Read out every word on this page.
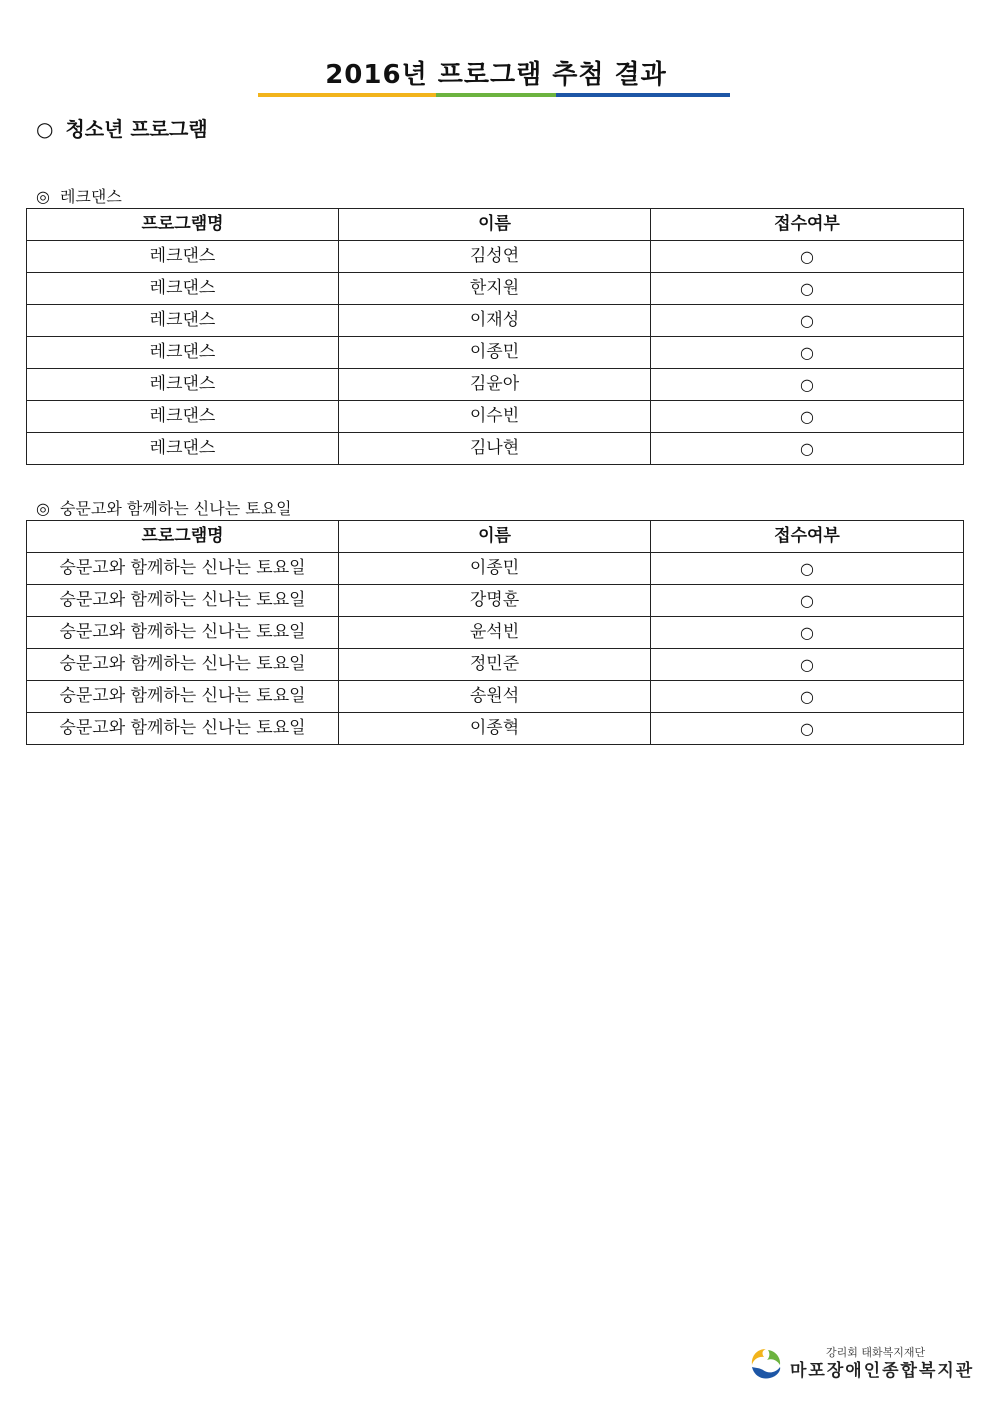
2016년 프로그램 추첨 결과
○ 청소년 프로그램
◎ 레크댄스
프로그램명	이름	접수여부
레크댄스	김성연	○
레크댄스	한지원	○
레크댄스	이재성	○
레크댄스	이종민	○
레크댄스	김윤아	○
레크댄스	이수빈	○
레크댄스	김나현	○
◎ 숭문고와 함께하는 신나는 토요일
프로그램명	이름	접수여부
숭문고와 함께하는 신나는 토요일	이종민	○
숭문고와 함께하는 신나는 토요일	강명훈	○
숭문고와 함께하는 신나는 토요일	윤석빈	○
숭문고와 함께하는 신나는 토요일	정민준	○
숭문고와 함께하는 신나는 토요일	송원석	○
숭문고와 함께하는 신나는 토요일	이종혁	○
강리회 태화복지재단
마포장애인종합복지관
